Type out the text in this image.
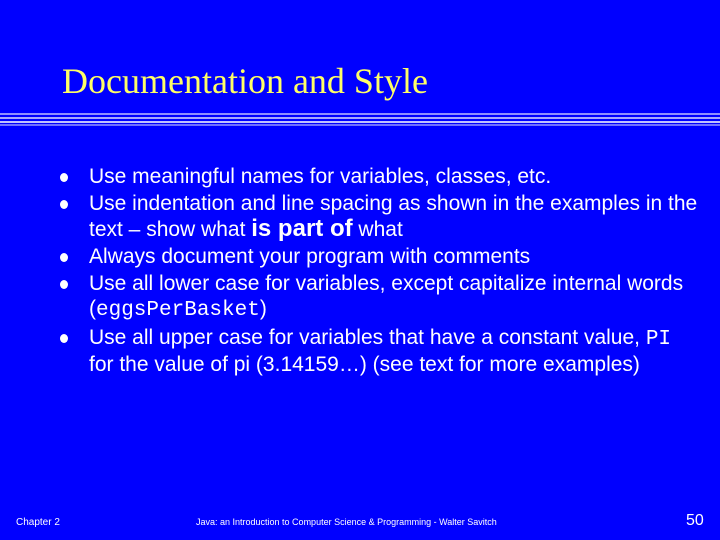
Documentation and Style
Use meaningful names for variables, classes, etc.
Use indentation and line spacing as shown in the examples in the text – show what is part of what
Always document your program with comments
Use all lower case for variables, except capitalize internal words (eggsPerBasket)
Use all upper case for variables that have a constant value, PI for the value of pi (3.14159…) (see text for more examples)
Chapter 2	Java: an Introduction to Computer Science & Programming - Walter Savitch	50
